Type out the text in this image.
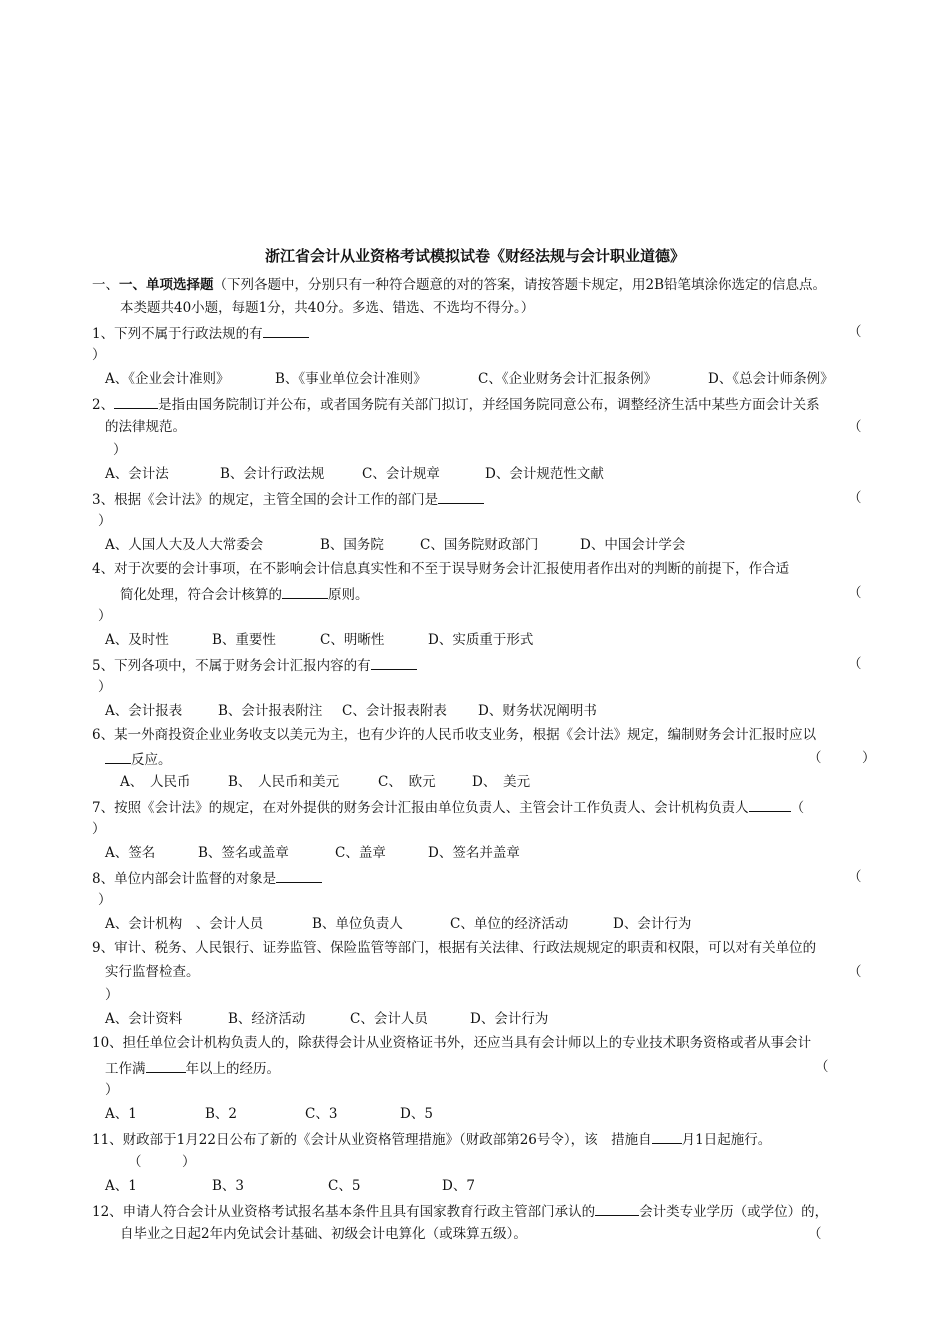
浙江省会计从业资格考试模拟试卷《财经法规与会计职业道德》
一、一、单项选择题（下列各题中，分别只有一种符合题意的对的答案，请按答题卡规定，用2B铅笔填涂你选定的信息点。
本类题共40小题，每题1分，共40分。多选、错选、不选均不得分。）
1、下列不属于行政法规的有	（
）
A、《企业会计准则》	B、《事业单位会计准则》	C、《企业财务会计汇报条例》	D、《总会计师条例》
2、	是指由国务院制订并公布，或者国务院有关部门拟订，并经国务院同意公布，调整经济生活中某些方面会计关系
的法律规范。	（
）
A、会计法	B、会计行政法规	C、会计规章	D、会计规范性文献
3、根据《会计法》的规定，主管全国的会计工作的部门是	（
）
A、人国人大及人大常委会	B、国务院	C、国务院财政部门	D、中国会计学会
4、对于次要的会计事项，在不影响会计信息真实性和不至于误导财务会计汇报使用者作出对的判断的前提下，作合适
简化处理，符合会计核算的	原则。	（
）
A、及时性	B、重要性	C、明晰性	D、实质重于形式
5、下列各项中，不属于财务会计汇报内容的有	（
）
A、会计报表	B、会计报表附注 C、会计报表附表 D、财务状况阐明书
6、某一外商投资企业业务收支以美元为主，也有少许的人民币收支业务，根据《会计法》规定，编制财务会计汇报时应以
反应。	（　　　）
A、　人民币	B、　人民币和美元	C、　欧元	D、　美元
7、按照《会计法》的规定，在对外提供的财务会计汇报由单位负责人、主管会计工作负责人、会计机构负责人	（
）
A、签名	B、签名或盖章	C、盖章	D、签名并盖章
8、单位内部会计监督的对象是	（
）
A、会计机构　、会计人员	B、单位负责人	C、单位的经济活动	D、会计行为
9、审计、税务、人民银行、证券监管、保险监管等部门，根据有关法律、行政法规规定的职责和权限，可以对有关单位的
实行监督检查。	（
）
A、会计资料	B、经济活动	C、会计人员	D、会计行为
10、担任单位会计机构负责人的，除获得会计从业资格证书外，还应当具有会计师以上的专业技术职务资格或者从事会计
工作满	年以上的经历。	（
）
A、1	B、2	C、3	D、5
11、财政部于1月22日公布了新的《会计从业资格管理措施》（财政部第26号令），该　措施自 月1日起施行。
（　　　）
A、1	B、3	C、5	D、7
12、申请人符合会计从业资格考试报名基本条件且具有国家教育行政主管部门承认的	会计类专业学历（或学位）的，
自毕业之日起2年内免试会计基础、初级会计电算化（或珠算五级）。	（
